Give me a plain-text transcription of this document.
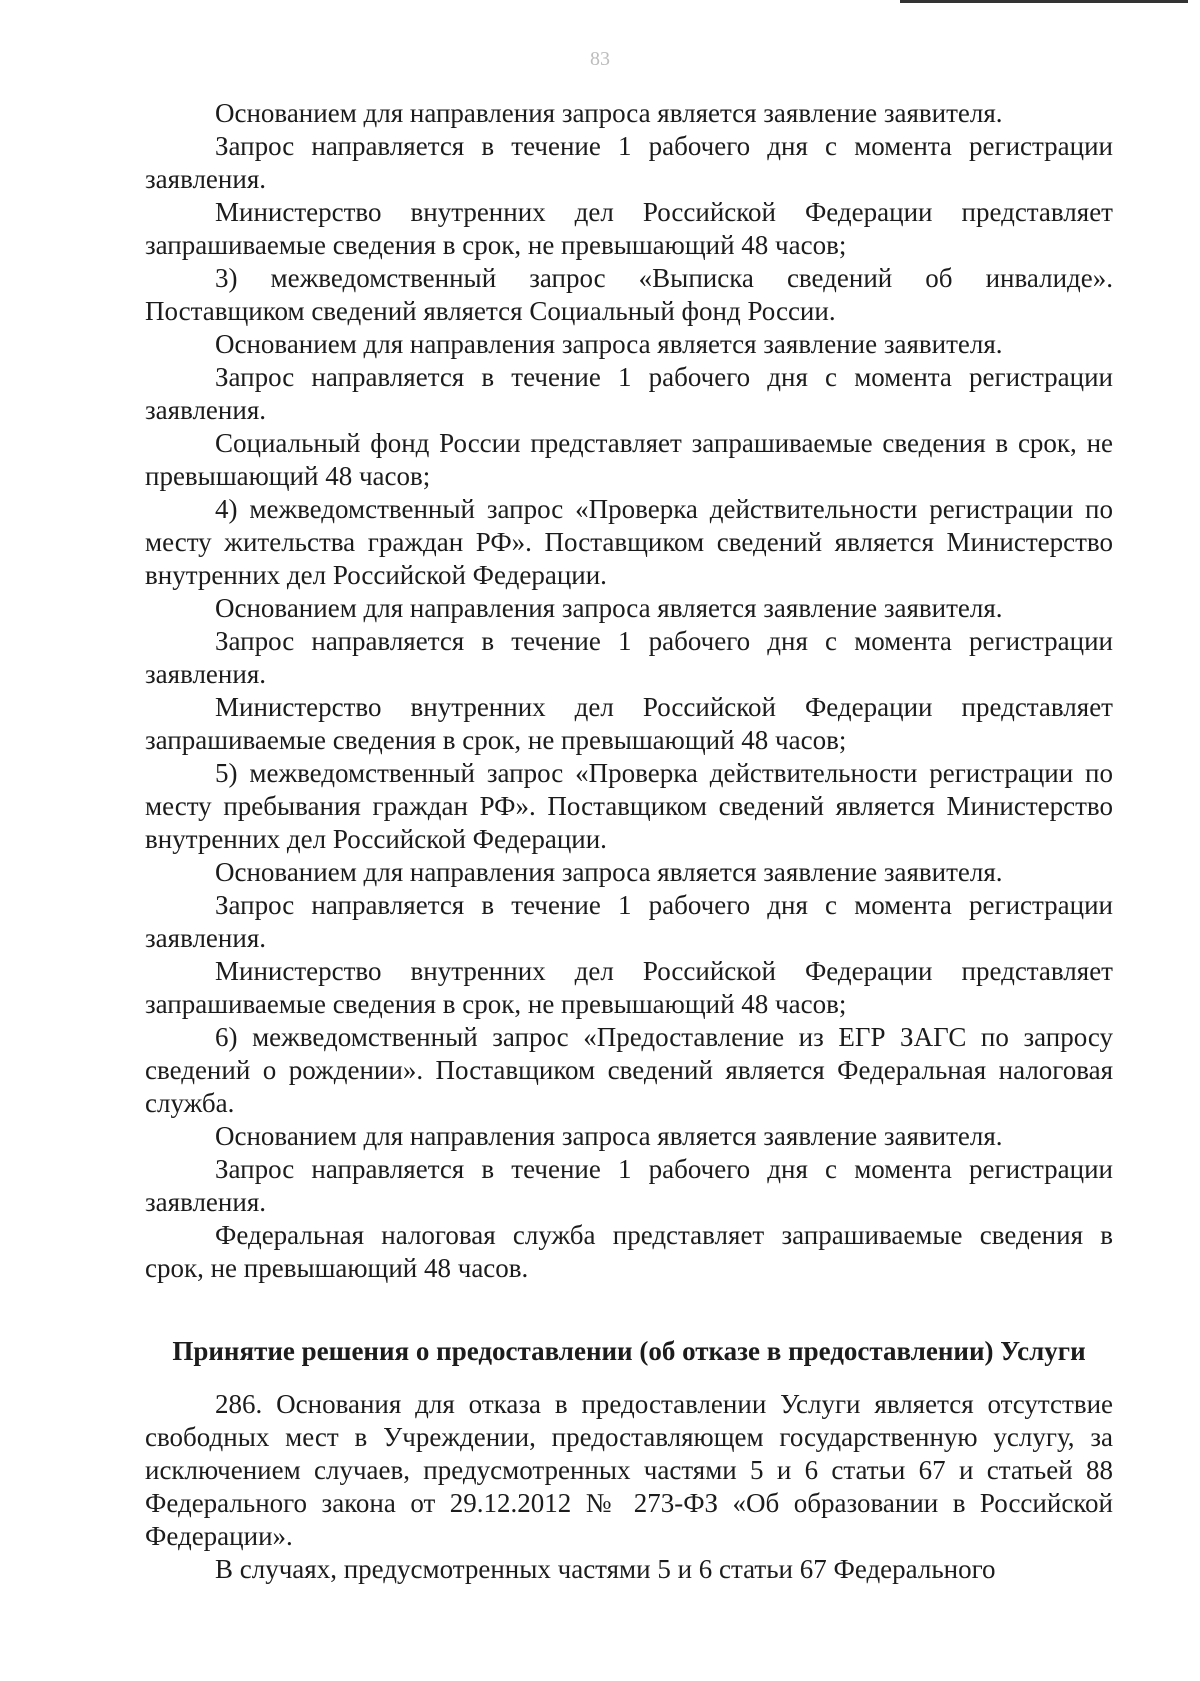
83

Основанием для направления запроса является заявление заявителя.

Запрос направляется в течение 1 рабочего дня с момента регистрации заявления.

Министерство внутренних дел Российской Федерации представляет запрашиваемые сведения в срок, не превышающий 48 часов;

3) межведомственный запрос «Выписка сведений об инвалиде». Поставщиком сведений является Социальный фонд России.

Основанием для направления запроса является заявление заявителя.

Запрос направляется в течение 1 рабочего дня с момента регистрации заявления.

Социальный фонд России представляет запрашиваемые сведения в срок, не превышающий 48 часов;

4) межведомственный запрос «Проверка действительности регистрации по месту жительства граждан РФ». Поставщиком сведений является Министерство внутренних дел Российской Федерации.

Основанием для направления запроса является заявление заявителя.

Запрос направляется в течение 1 рабочего дня с момента регистрации заявления.

Министерство внутренних дел Российской Федерации представляет запрашиваемые сведения в срок, не превышающий 48 часов;

5) межведомственный запрос «Проверка действительности регистрации по месту пребывания граждан РФ». Поставщиком сведений является Министерство внутренних дел Российской Федерации.

Основанием для направления запроса является заявление заявителя.

Запрос направляется в течение 1 рабочего дня с момента регистрации заявления.

Министерство внутренних дел Российской Федерации представляет запрашиваемые сведения в срок, не превышающий 48 часов;

6) межведомственный запрос «Предоставление из ЕГР ЗАГС по запросу сведений о рождении». Поставщиком сведений является Федеральная налоговая служба.

Основанием для направления запроса является заявление заявителя.

Запрос направляется в течение 1 рабочего дня с момента регистрации заявления.

Федеральная налоговая служба представляет запрашиваемые сведения в срок, не превышающий 48 часов.

Принятие решения о предоставлении (об отказе в предоставлении) Услуги

286. Основания для отказа в предоставлении Услуги является отсутствие свободных мест в Учреждении, предоставляющем государственную услугу, за исключением случаев, предусмотренных частями 5 и 6 статьи 67 и статьей 88 Федерального закона от 29.12.2012 № 273-ФЗ «Об образовании в Российской Федерации».

В случаях, предусмотренных частями 5 и 6 статьи 67 Федерального
